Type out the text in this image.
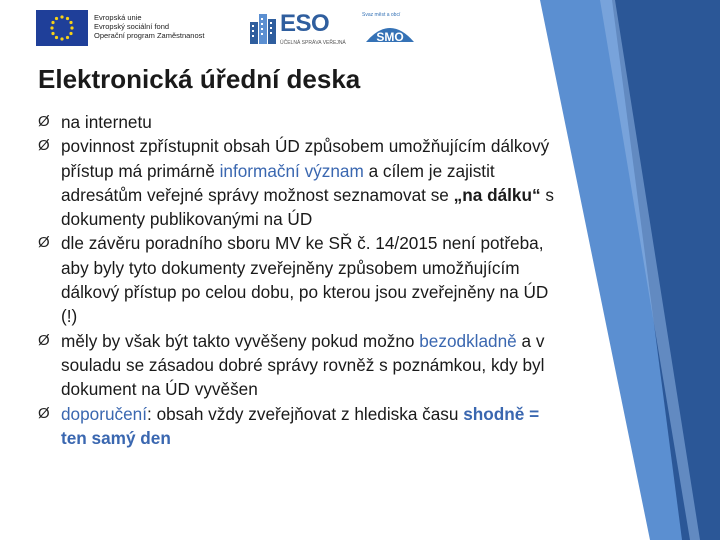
Evropská unie
Evropský sociální fond
Operační program Zaměstnanost	ESO
ÚČELNÁ SPRÁVA VEŘEJNÁ
Svaz měst a obcí
SMO
Elektronická úřední deska
Ø na internetu
Ø povinnost zpřístupnit obsah ÚD způsobem umožňujícím dálkový přístup má primárně informační význam a cílem je zajistit adresátům veřejné správy možnost seznamovat se „na dálku“ s dokumenty publikovanými na ÚD
Ø dle závěru poradního sboru MV ke SŘ č. 14/2015 není potřeba, aby byly tyto dokumenty zveřejněny způsobem umožňujícím dálkový přístup po celou dobu, po kterou jsou zveřejněny na ÚD (!)
Ø měly by však být takto vyvěšeny pokud možno bezodkladně a v souladu se zásadou dobré správy rovněž s poznámkou, kdy byl dokument na ÚD vyvěšen
Ø doporučení: obsah vždy zveřejňovat z hlediska času shodně = ten samý den
